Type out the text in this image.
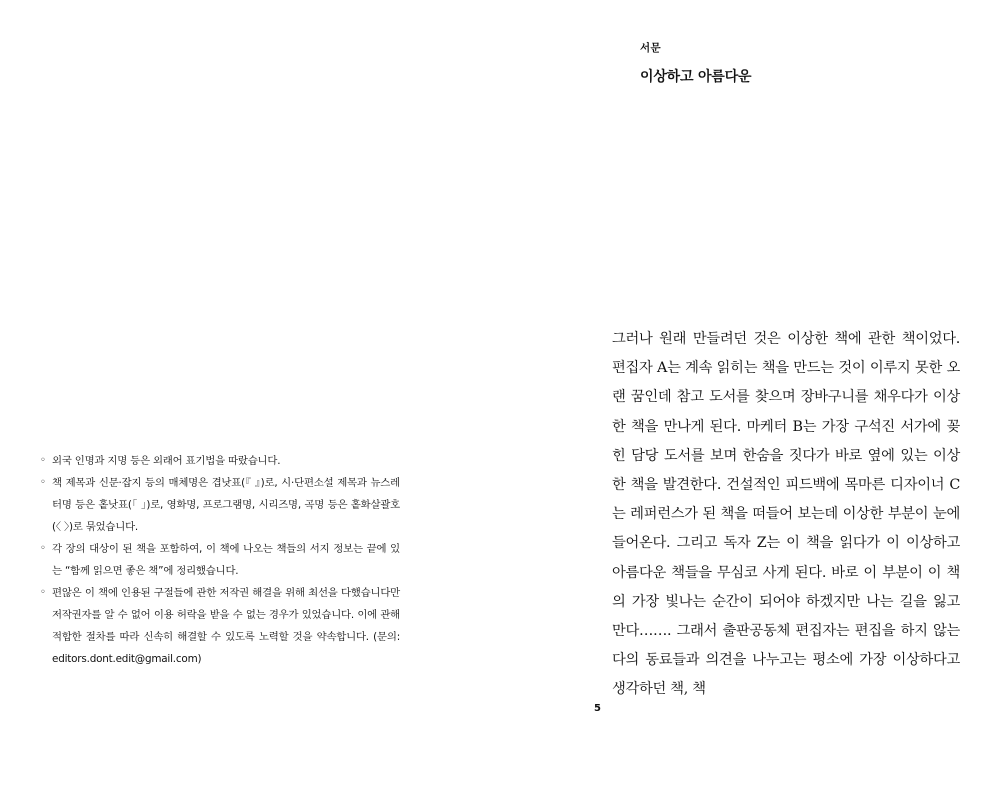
◦ 외국 인명과 지명 등은 외래어 표기법을 따랐습니다.
◦ 책 제목과 신문·잡지 등의 매체명은 겹낫표(『 』)로, 시·단편소설 제목과 뉴스레터명 등은 홑낫표(「 」)로, 영화명, 프로그램명, 시리즈명, 곡명 등은 홑화살괄호(〈 〉)로 묶었습니다.
◦ 각 장의 대상이 된 책을 포함하여, 이 책에 나오는 책들의 서지 정보는 끝에 있는 “함께 읽으면 좋은 책”에 정리했습니다.
◦ 편않은 이 책에 인용된 구절들에 관한 저작권 해결을 위해 최선을 다했습니다만 저작권자를 알 수 없어 이용 허락을 받을 수 없는 경우가 있었습니다. 이에 관해 적합한 절차를 따라 신속히 해결할 수 있도록 노력할 것을 약속합니다. (문의: editors.dont.edit@gmail.com)
서문
이상하고 아름다운

그러나 원래 만들려던 것은 이상한 책에 관한 책이었다. 편집자 A는 계속 읽히는 책을 만드는 것이 이루지 못한 오랜 꿈인데 참고 도서를 찾으며 장바구니를 채우다가 이상한 책을 만나게 된다. 마케터 B는 가장 구석진 서가에 꽂힌 담당 도서를 보며 한숨을 짓다가 바로 옆에 있는 이상한 책을 발견한다. 건설적인 피드백에 목마른 디자이너 C는 레퍼런스가 된 책을 떠들어 보는데 이상한 부분이 눈에 들어온다. 그리고 독자 Z는 이 책을 읽다가 이 이상하고 아름다운 책들을 무심코 사게 된다. 바로 이 부분이 이 책의 가장 빛나는 순간이 되어야 하겠지만 나는 길을 잃고 만다……. 그래서 출판공동체 편집자는 편집을 하지 않는다의 동료들과 의견을 나누고는 평소에 가장 이상하다고 생각하던 책, 책

5
